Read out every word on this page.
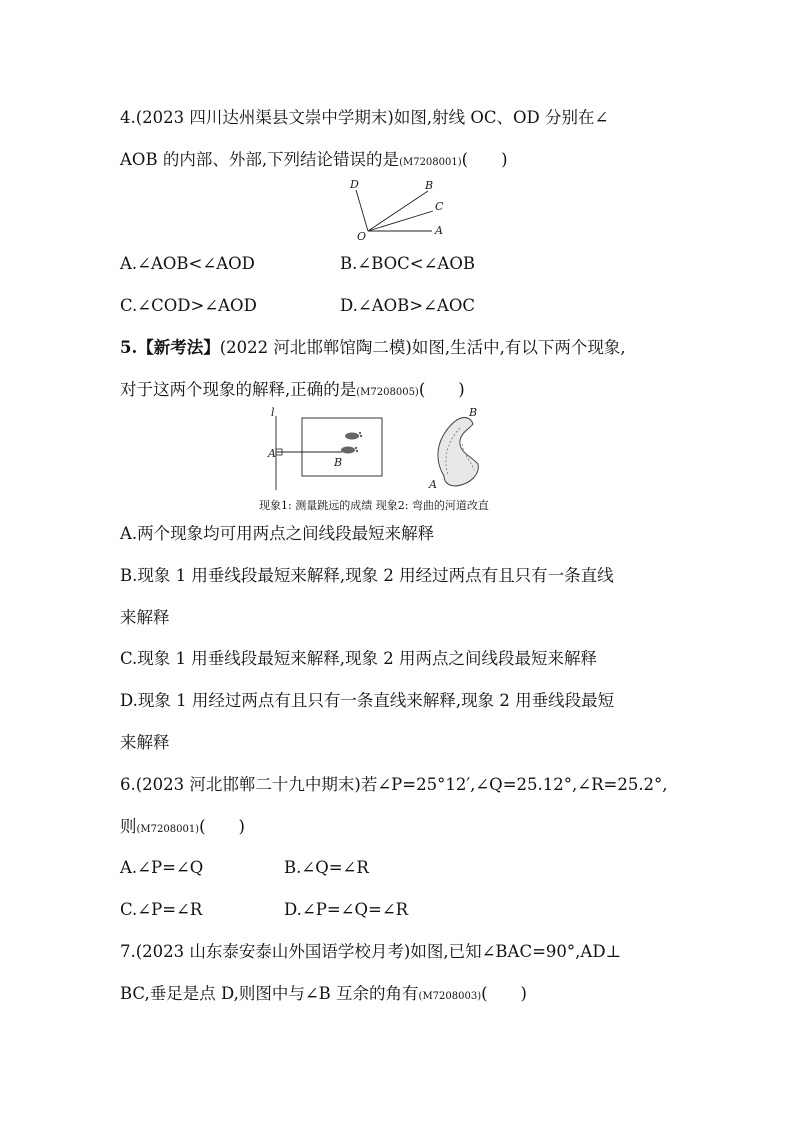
4.(2023 四川达州渠县文崇中学期末)如图,射线 OC、OD 分别在∠
AOB 的内部、外部,下列结论错误的是(M7208001)(　　)
D	B
C
O	A
A.∠AOB<∠AOD	B.∠BOC<∠AOB
C.∠COD>∠AOD	D.∠AOB>∠AOC
5.【新考法】(2022 河北邯郸馆陶二模)如图,生活中,有以下两个现象,
对于这两个现象的解释,正确的是(M7208005)(　　)
l
A
B
B
A
现象1: 测量跳远的成绩 现象2: 弯曲的河道改直
A.两个现象均可用两点之间线段最短来解释
B.现象 1 用垂线段最短来解释,现象 2 用经过两点有且只有一条直线
来解释
C.现象 1 用垂线段最短来解释,现象 2 用两点之间线段最短来解释
D.现象 1 用经过两点有且只有一条直线来解释,现象 2 用垂线段最短
来解释
6.(2023 河北邯郸二十九中期末)若∠P=25°12′,∠Q=25.12°,∠R=25.2°,
则(M7208001)(　　)
A.∠P=∠Q	B.∠Q=∠R
C.∠P=∠R	D.∠P=∠Q=∠R
7.(2023 山东泰安泰山外国语学校月考)如图,已知∠BAC=90°,AD⊥
BC,垂足是点 D,则图中与∠B 互余的角有(M7208003)(　　)
